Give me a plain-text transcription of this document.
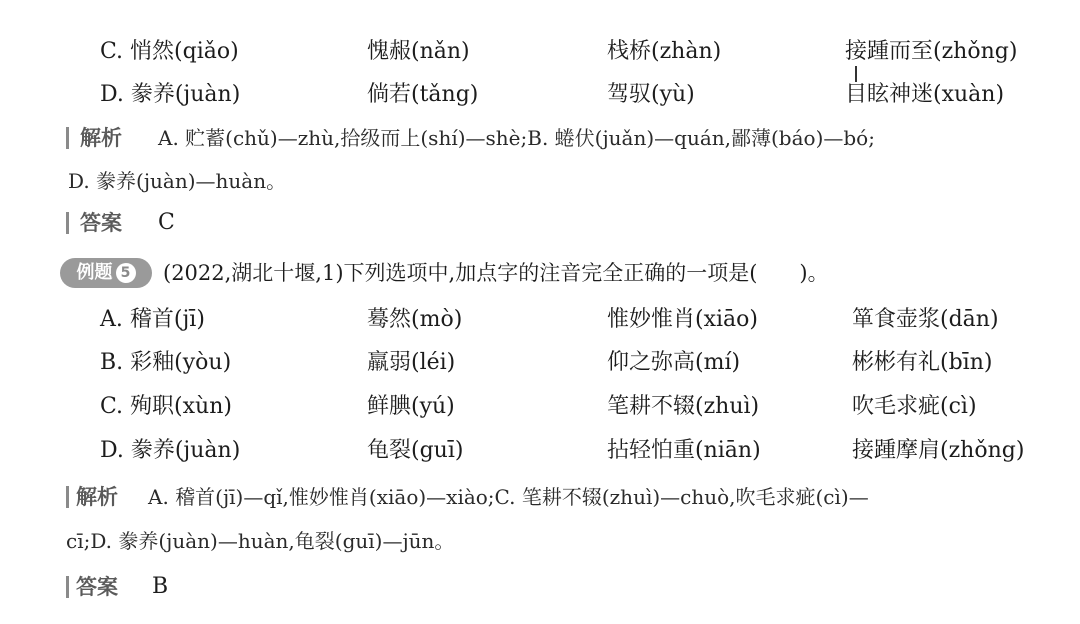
C. 悄然(qiǎo)	愧赧(nǎn)	栈桥(zhàn)	接踵而至(zhǒng)
D. 豢养(juàn)	倘若(tǎng)	驾驭(yù)	目眩神迷(xuàn)
解析 A. 贮蓄(chǔ)—zhù,拾级而上(shí)—shè;B. 蜷伏(juǎn)—quán,鄙薄(báo)—bó;
D. 豢养(juàn)—huàn。
答案 C
例题 5	(2022,湖北十堰,1)下列选项中,加点字的注音完全正确的一项是(　　)。
A. 稽首(jī)	蓦然(mò)	惟妙惟肖(xiāo)	箪食壶浆(dān)
B. 彩釉(yòu)	羸弱(léi)	仰之弥高(mí)	彬彬有礼(bīn)
C. 殉职(xùn)	鲜腆(yú)	笔耕不辍(zhuì)	吹毛求疵(cì)
D. 豢养(juàn)	龟裂(guī)	拈轻怕重(niān)	接踵摩肩(zhǒng)
解析 A. 稽首(jī)—qǐ,惟妙惟肖(xiāo)—xiào;C. 笔耕不辍(zhuì)—chuò,吹毛求疵(cì)—
cī;D. 豢养(juàn)—huàn,龟裂(guī)—jūn。
答案 B
